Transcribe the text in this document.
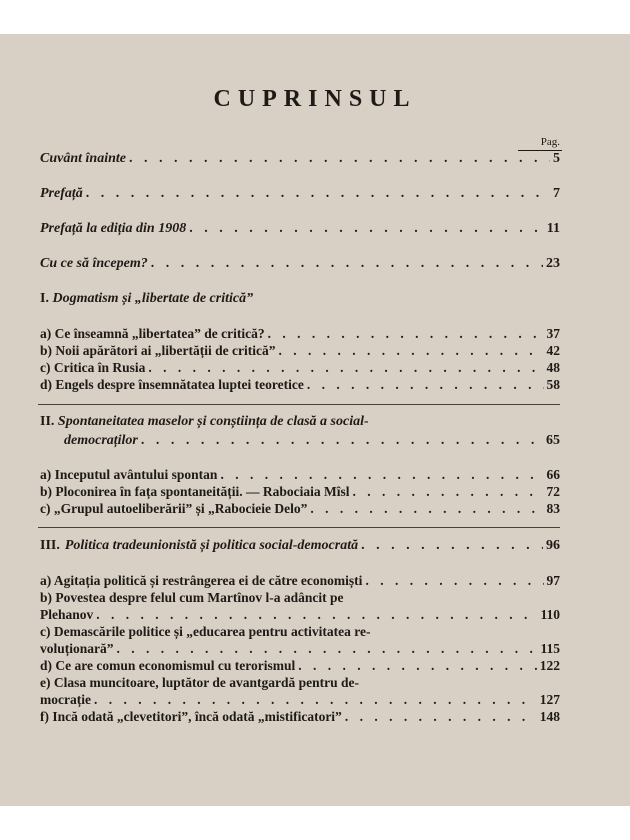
CUPRINSUL
Pag.
Cuvânt înainte . . .	5
Prefață . . .	7
Prefață la ediția din 1908 . . .	11
Cu ce să începem? . . .	23
I. Dogmatism și „libertate de critică”
a) Ce înseamnă „libertatea” de critică? . . .	37
b) Noii apărători ai „libertății de critică” . . .	42
c) Critica în Rusia . . .	48
d) Engels despre însemnătatea luptei teoretice . . .	58
II. Spontaneitatea maselor și conștiința de clasă a social-
democraților . . .	65
a) Inceputul avântului spontan . . .	66
b) Ploconirea în fața spontaneității. — Rabociaia Mîsl . . .	72
c) „Grupul autoeliberării” și „Rabocieie Delo” . . .	83
III. Politica tradeunionistă și politica social-democrată . . .	96
a) Agitația politică și restrângerea ei de către economiști . . .	97
b) Povestea despre felul cum Martînov l-a adâncit pe
Plehanov . . .	110
c) Demascările politice și „educarea pentru activitatea re-
voluționară” . . .	115
d) Ce are comun economismul cu terorismul . . .	122
e) Clasa muncitoare, luptător de avantgardă pentru de-
mocrație . . .	127
f) Incă odată „clevetitori”, încă odată „mistificatori” . . .	148
